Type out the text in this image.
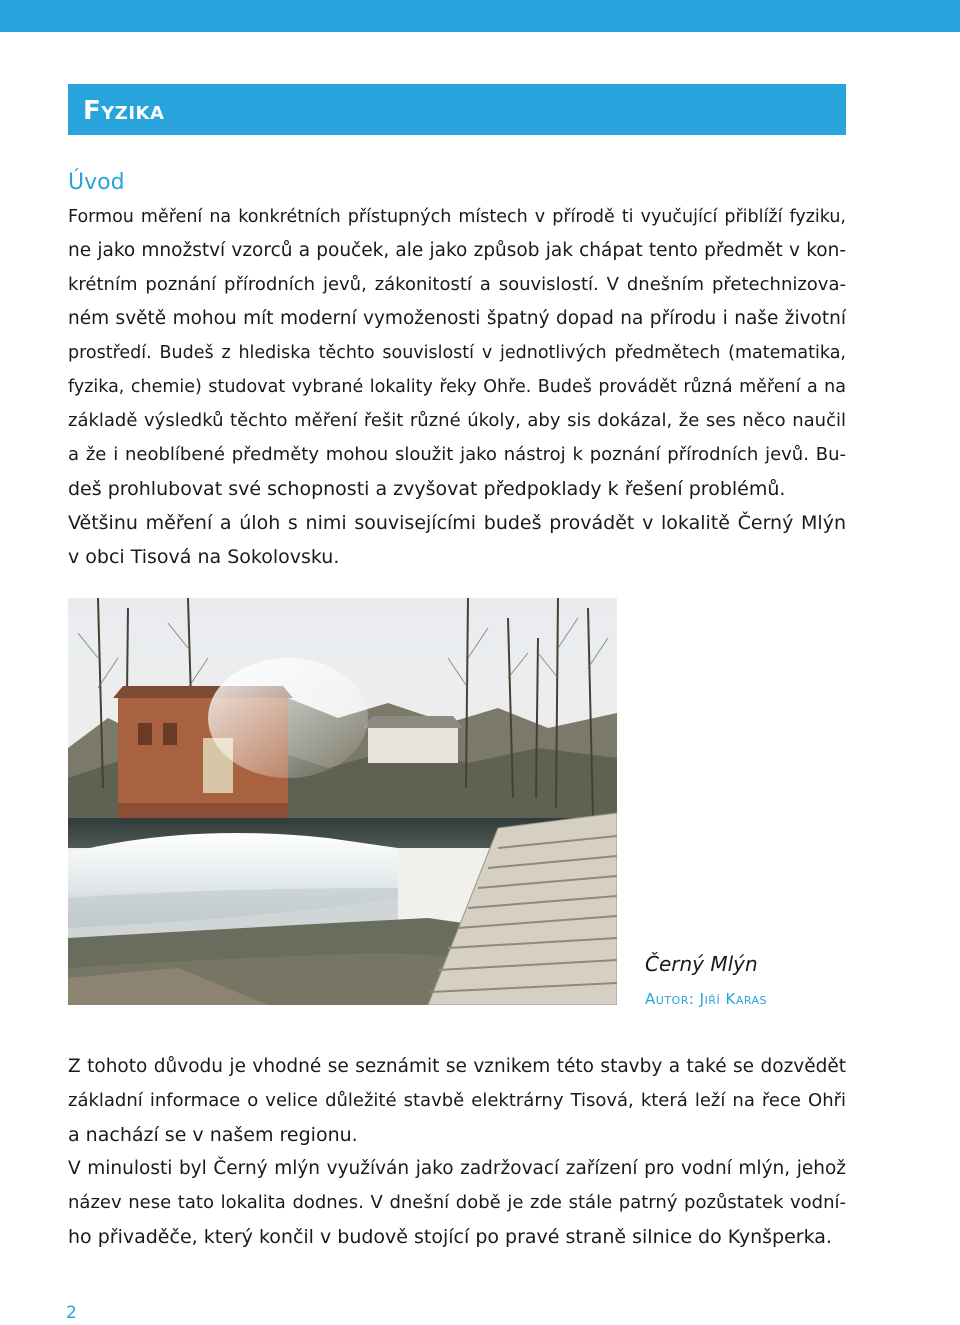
Fyzika
Úvod
Formou měření na konkrétních přístupných místech v přírodě ti vyučující přiblíží fyziku,
ne jako množství vzorců a pouček, ale jako způsob jak chápat tento předmět v kon-
krétním poznání přírodních jevů, zákonitostí a souvislostí. V dnešním přetechnizova-
ném světě mohou mít moderní vymoženosti špatný dopad na přírodu i naše životní
prostředí. Budeš z hlediska těchto souvislostí v jednotlivých předmětech (matematika,
fyzika, chemie) studovat vybrané lokality řeky Ohře. Budeš provádět různá měření a na
základě výsledků těchto měření řešit různé úkoly, aby sis dokázal, že ses něco naučil
a že i neoblíbené předměty mohou sloužit jako nástroj k poznání přírodních jevů. Bu-
deš prohlubovat své schopnosti a zvyšovat předpoklady k řešení problémů.
Většinu měření a úloh s nimi souvisejícími budeš provádět v lokalitě Černý Mlýn
v obci Tisová na Sokolovsku.
Černý Mlýn
Autor: Jiří Karas
Z tohoto důvodu je vhodné se seznámit se vznikem této stavby a také se dozvědět
základní informace o velice důležité stavbě elektrárny Tisová, která leží na řece Ohři
a nachází se v našem regionu.
V minulosti byl Černý mlýn využíván jako zadržovací zařízení pro vodní mlýn, jehož
název nese tato lokalita dodnes. V dnešní době je zde stále patrný pozůstatek vodní-
ho přivaděče, který končil v budově stojící po pravé straně silnice do Kynšperka.
2
